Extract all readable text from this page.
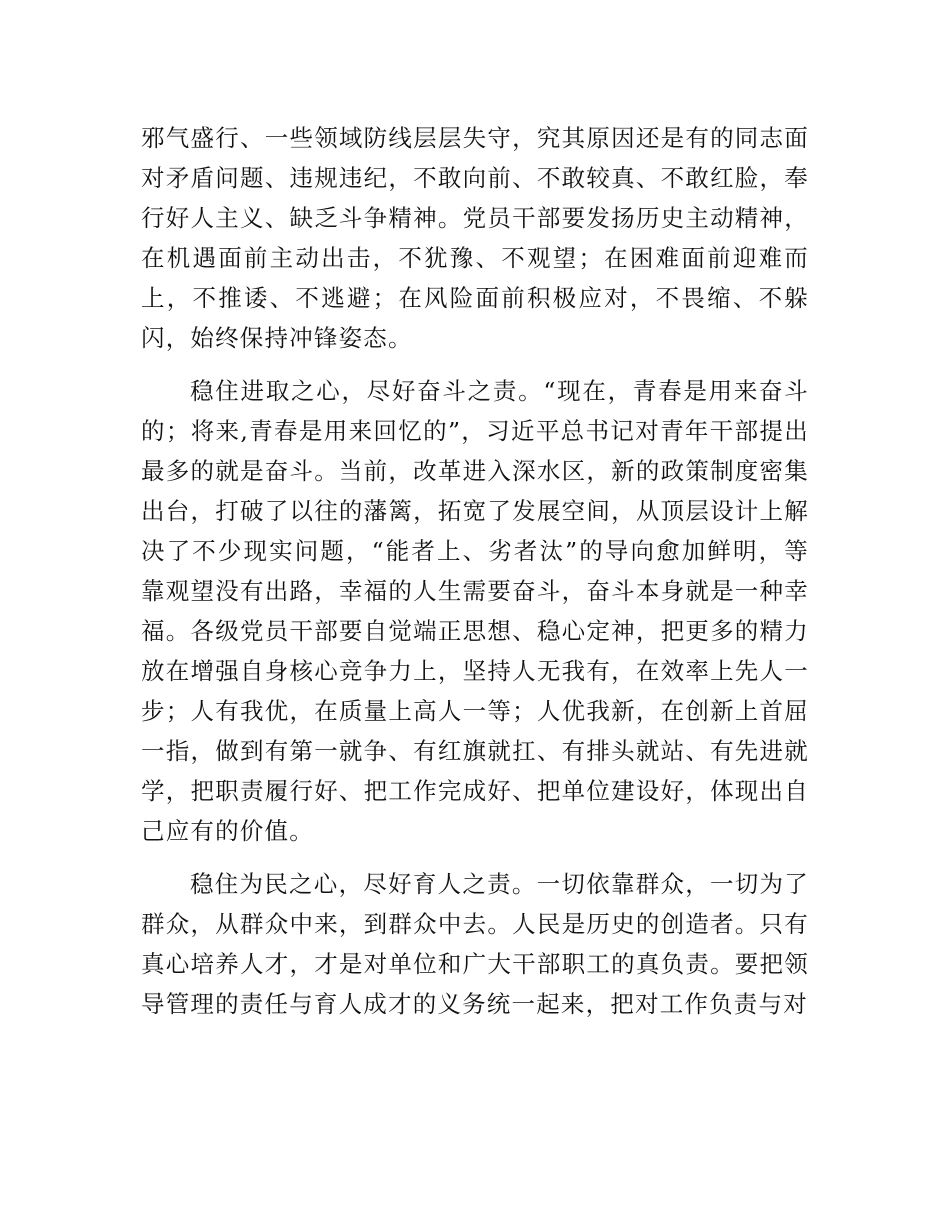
邪气盛行、一些领域防线层层失守，究其原因还是有的同志面对矛盾问题、违规违纪，不敢向前、不敢较真、不敢红脸，奉行好人主义、缺乏斗争精神。党员干部要发扬历史主动精神，在机遇面前主动出击，不犹豫、不观望；在困难面前迎难而上，不推诿、不逃避；在风险面前积极应对，不畏缩、不躲闪，始终保持冲锋姿态。

稳住进取之心，尽好奋斗之责。“现在，青春是用来奋斗的；将来,青春是用来回忆的”，习近平总书记对青年干部提出最多的就是奋斗。当前，改革进入深水区，新的政策制度密集出台，打破了以往的藩篱，拓宽了发展空间，从顶层设计上解决了不少现实问题，“能者上、劣者汰”的导向愈加鲜明，等靠观望没有出路，幸福的人生需要奋斗，奋斗本身就是一种幸福。各级党员干部要自觉端正思想、稳心定神，把更多的精力放在增强自身核心竞争力上，坚持人无我有，在效率上先人一步；人有我优，在质量上高人一等；人优我新，在创新上首屈一指，做到有第一就争、有红旗就扛、有排头就站、有先进就学，把职责履行好、把工作完成好、把单位建设好，体现出自己应有的价值。

稳住为民之心，尽好育人之责。一切依靠群众，一切为了群众，从群众中来，到群众中去。人民是历史的创造者。只有真心培养人才，才是对单位和广大干部职工的真负责。要把领导管理的责任与育人成才的义务统一起来，把对工作负责与对
